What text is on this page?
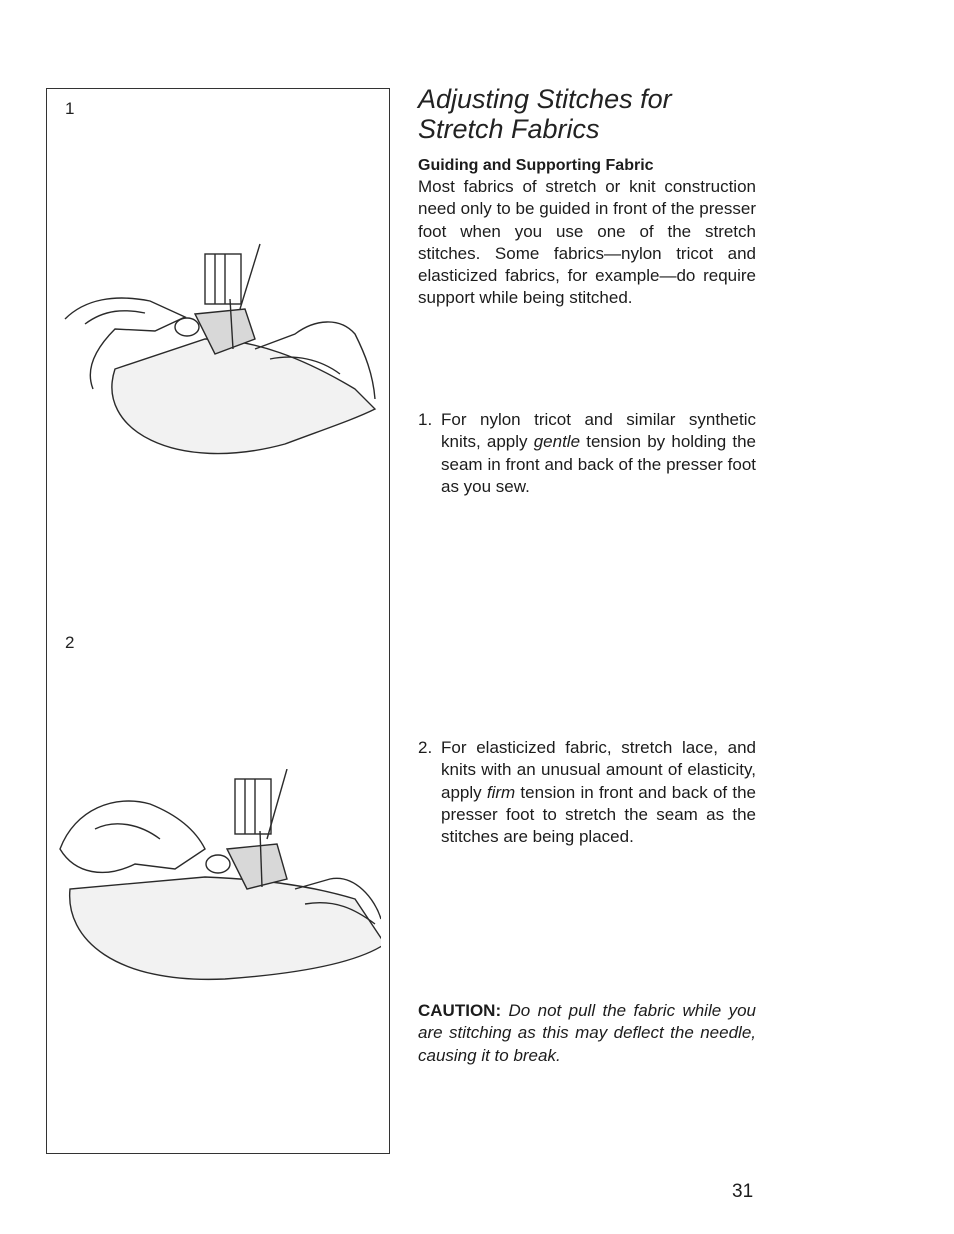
1
2
Adjusting Stitches for
Stretch Fabrics
Guiding and Supporting Fabric

Most fabrics of stretch or knit construction need only to be guided in front of the presser foot when you use one of the stretch stitches. Some fabrics—nylon tricot and elasticized fabrics, for example—do require support while being stitched.

1. For nylon tricot and similar synthetic knits, apply gentle tension by holding the seam in front and back of the presser foot as you sew.
2. For elasticized fabric, stretch lace, and knits with an unusual amount of elasticity, apply firm tension in front and back of the presser foot to stretch the seam as the stitches are being placed.
CAUTION: Do not pull the fabric while you are stitching as this may deflect the needle, causing it to break.
31
